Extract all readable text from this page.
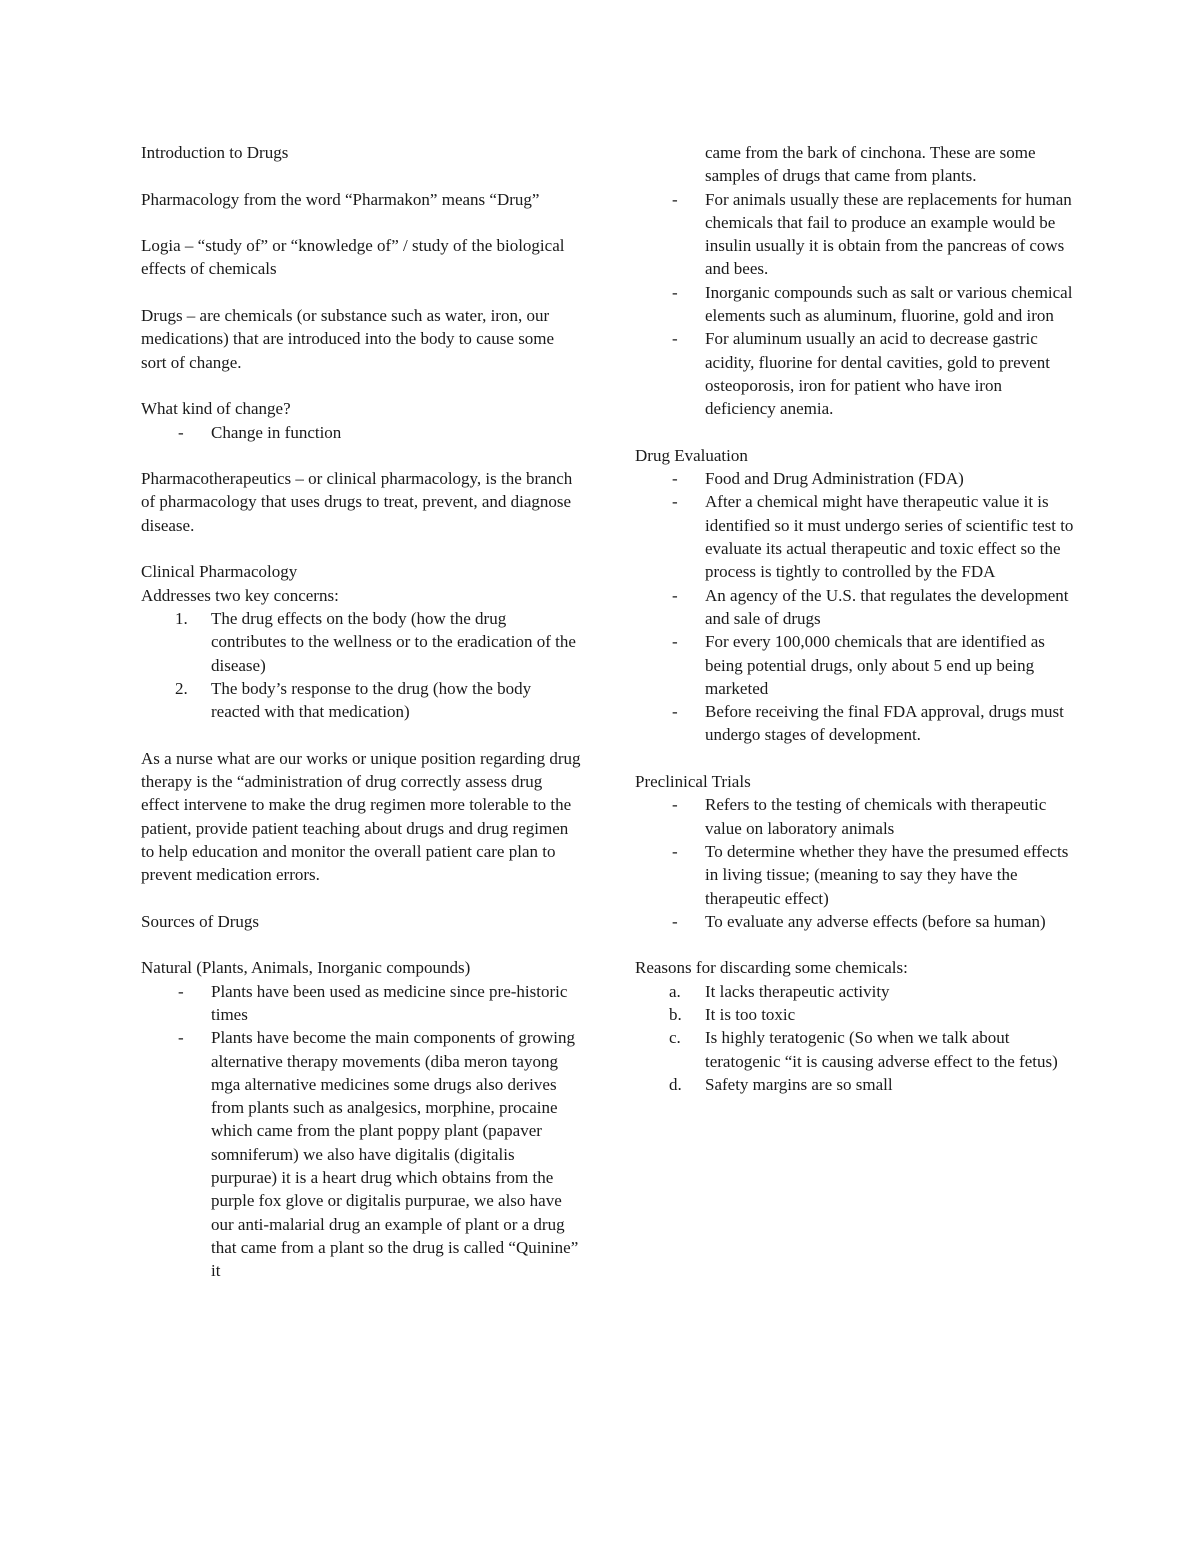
Introduction to Drugs

Pharmacology from the word “Pharmakon” means “Drug”

Logia – “study of” or “knowledge of” / study of the biological effects of chemicals

Drugs – are chemicals (or substance such as water, iron, our medications) that are introduced into the body to cause some sort of change.

What kind of change?

- Change in function

Pharmacotherapeutics – or clinical pharmacology, is the branch of pharmacology that uses drugs to treat, prevent, and diagnose disease.

Clinical Pharmacology

Addresses two key concerns:

1.	The drug effects on the body (how the drug contributes to the wellness or to the eradication of the disease)
2.	The body’s response to the drug (how the body reacted with that medication)

As a nurse what are our works or unique position regarding drug therapy is the “administration of drug correctly assess drug effect intervene to make the drug regimen more tolerable to the patient, provide patient teaching about drugs and drug regimen to help education and monitor the overall patient care plan to prevent medication errors.

Sources of Drugs

Natural (Plants, Animals, Inorganic compounds)

- Plants have been used as medicine since pre-historic times
- Plants have become the main components of growing alternative therapy movements (diba meron tayong mga alternative medicines some drugs also derives from plants such as analgesics, morphine, procaine which came from the plant poppy plant (papaver somniferum) we also have digitalis (digitalis purpurae) it is a heart drug which obtains from the purple fox glove or digitalis purpurae, we also have our anti-malarial drug an example of plant or a drug that came from a plant so the drug is called “Quinine” it

came from the bark of cinchona. These are some samples of drugs that came from plants.

- For animals usually these are replacements for human chemicals that fail to produce an example would be insulin usually it is obtain from the pancreas of cows and bees.
- Inorganic compounds such as salt or various chemical elements such as aluminum, fluorine, gold and iron
- For aluminum usually an acid to decrease gastric acidity, fluorine for dental cavities, gold to prevent osteoporosis, iron for patient who have iron deficiency anemia.

Drug Evaluation

- Food and Drug Administration (FDA)
- After a chemical might have therapeutic value it is identified so it must undergo series of scientific test to evaluate its actual therapeutic and toxic effect so the process is tightly to controlled by the FDA
- An agency of the U.S. that regulates the development and sale of drugs
- For every 100,000 chemicals that are identified as being potential drugs, only about 5 end up being marketed
- Before receiving the final FDA approval, drugs must undergo stages of development.

Preclinical Trials

- Refers to the testing of chemicals with therapeutic value on laboratory animals
- To determine whether they have the presumed effects in living tissue; (meaning to say they have the therapeutic effect)
- To evaluate any adverse effects (before sa human)

Reasons for discarding some chemicals:

a.	It lacks therapeutic activity
b.	It is too toxic
c.	Is highly teratogenic (So when we talk about teratogenic “it is causing adverse effect to the fetus)
d.	Safety margins are so small
